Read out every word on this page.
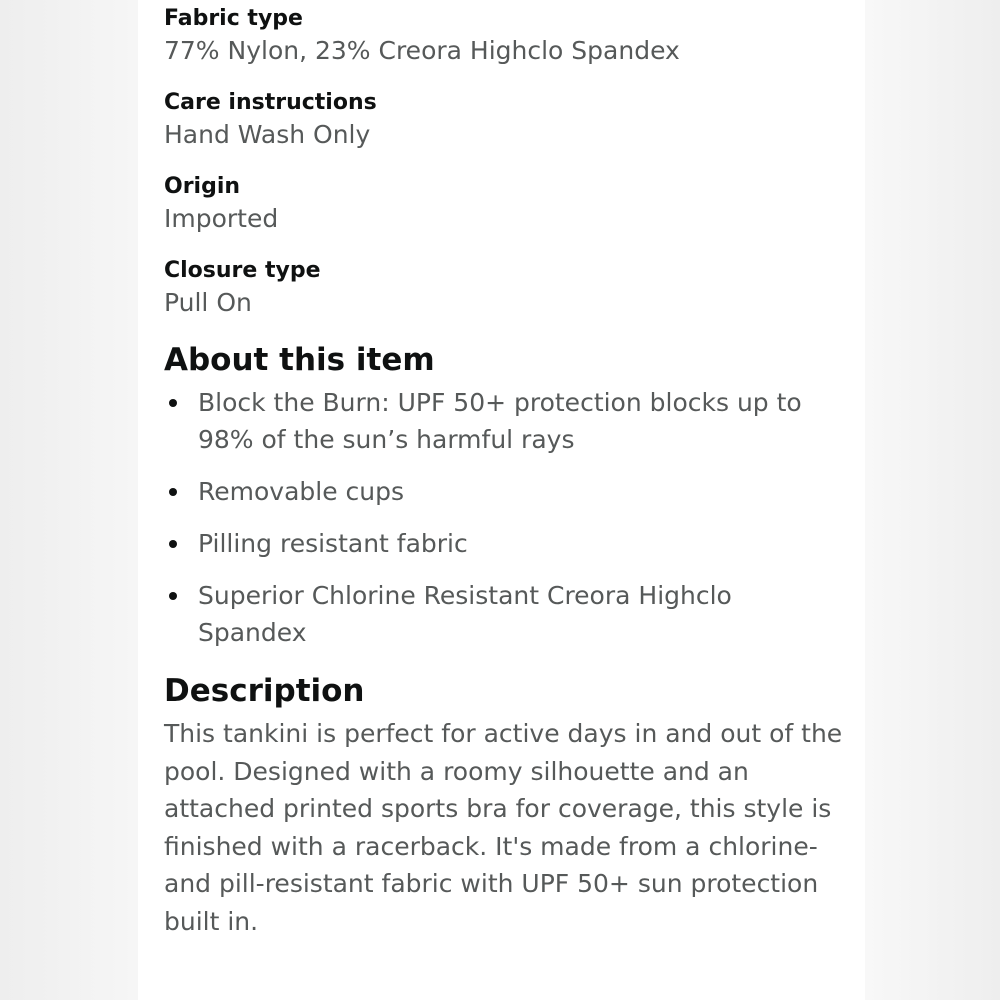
Fabric type
77% Nylon, 23% Creora Highclo Spandex
Care instructions
Hand Wash Only
Origin
Imported
Closure type
Pull On
About this item
Block the Burn: UPF 50+ protection blocks up to 98% of the sun’s harmful rays
Removable cups
Pilling resistant fabric
Superior Chlorine Resistant Creora Highclo Spandex
Description
This tankini is perfect for active days in and out of the pool. Designed with a roomy silhouette and an attached printed sports bra for coverage, this style is finished with a racerback. It's made from a chlorine- and pill-resistant fabric with UPF 50+ sun protection built in.
